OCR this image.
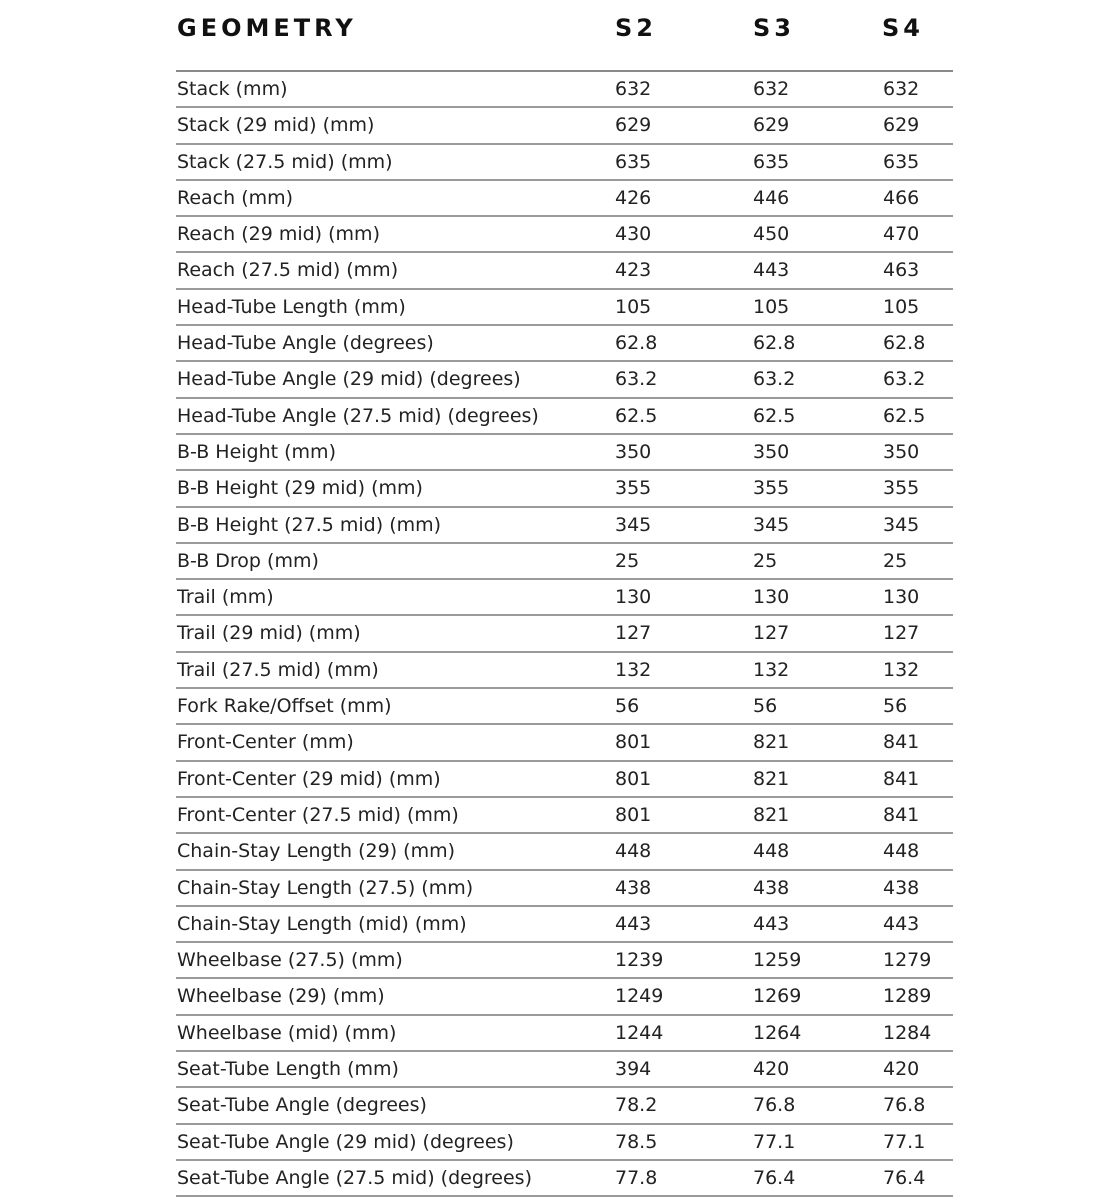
GEOMETRY	S2	S3	S4
Stack (mm)	632	632	632
Stack (29 mid) (mm)	629	629	629
Stack (27.5 mid) (mm)	635	635	635
Reach (mm)	426	446	466
Reach (29 mid) (mm)	430	450	470
Reach (27.5 mid) (mm)	423	443	463
Head-Tube Length (mm)	105	105	105
Head-Tube Angle (degrees)	62.8	62.8	62.8
Head-Tube Angle (29 mid) (degrees)	63.2	63.2	63.2
Head-Tube Angle (27.5 mid) (degrees)	62.5	62.5	62.5
B-B Height (mm)	350	350	350
B-B Height (29 mid) (mm)	355	355	355
B-B Height (27.5 mid) (mm)	345	345	345
B-B Drop (mm)	25	25	25
Trail (mm)	130	130	130
Trail (29 mid) (mm)	127	127	127
Trail (27.5 mid) (mm)	132	132	132
Fork Rake/Offset (mm)	56	56	56
Front-Center (mm)	801	821	841
Front-Center (29 mid) (mm)	801	821	841
Front-Center (27.5 mid) (mm)	801	821	841
Chain-Stay Length (29) (mm)	448	448	448
Chain-Stay Length (27.5) (mm)	438	438	438
Chain-Stay Length (mid) (mm)	443	443	443
Wheelbase (27.5) (mm)	1239	1259	1279
Wheelbase (29) (mm)	1249	1269	1289
Wheelbase (mid) (mm)	1244	1264	1284
Seat-Tube Length (mm)	394	420	420
Seat-Tube Angle (degrees)	78.2	76.8	76.8
Seat-Tube Angle (29 mid) (degrees)	78.5	77.1	77.1
Seat-Tube Angle (27.5 mid) (degrees)	77.8	76.4	76.4
